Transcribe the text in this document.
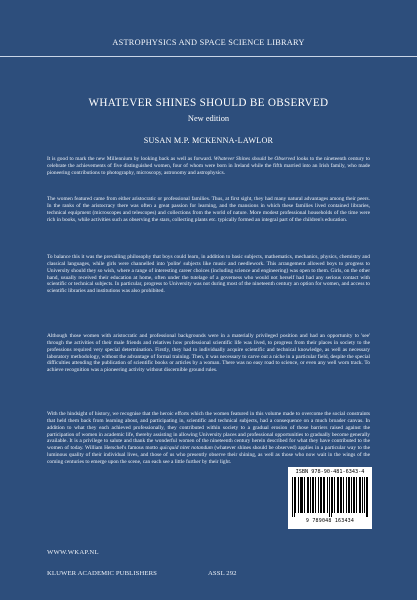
ASTROPHYSICS AND SPACE SCIENCE LIBRARY
WHATEVER SHINES SHOULD BE OBSERVED
New edition
SUSAN M.P. MCKENNA-LAWLOR

It is good to mark the new Millennium by looking back as well as forward. Whatever Shines should be Observed looks to the nineteenth century to celebrate the achievements of five distinguished women, four of whom were born in Ireland while the fifth married into an Irish family, who made pioneering contributions to photography, microscopy, astronomy and astrophysics.

The women featured came from either aristocratic or professional families. Thus, at first sight, they had many natural advantages among their peers. In the ranks of the aristocracy there was often a great passion for learning, and the mansions in which these families lived contained libraries, technical equipment (microscopes and telescopes) and collections from the world of nature. More modest professional households of the time were rich in books, while activities such as observing the stars, collecting plants etc. typically formed an integral part of the children's education.

To balance this it was the prevailing philosophy that boys could learn, in addition to basic subjects, mathematics, mechanics, physics, chemistry and classical languages, while girls were channelled into 'polite' subjects like music and needlework. This arrangement allowed boys to progress to University should they so wish, where a range of interesting career choices (including science and engineering) was open to them. Girls, on the other hand, usually received their education at home, often under the tutelage of a governess who would not herself had had any serious contact with scientific or technical subjects. In particular, progress to University was not during most of the nineteenth century an option for women, and access to scientific libraries and institutions was also prohibited.

Although those women with aristocratic and professional backgrounds were in a materially privileged position and had an opportunity to 'see' through the activities of their male friends and relatives how professional scientific life was lived, to progress from their places in society to the professions required very special determination. Firstly, they had to individually acquire scientific and technical knowledge, as well as necessary laboratory methodology, without the advantage of formal training. Then, it was necessary to carve out a niche in a particular field, despite the special difficulties attending the publication of scientific books or articles by a woman. There was no easy road to science, or even any well worn track. To achieve recognition was a pioneering activity without discernible ground rules.

With the hindsight of history, we recognise that the heroic efforts which the women featured in this volume made to overcome the social constraints that held them back from learning about, and participating in, scientific and technical subjects, had a consequence on a much broader canvas. In addition to what they each achieved professionally, they contributed within society to a gradual erosion of those barriers raised against the participation of women in academic life, thereby assisting in allowing University places and professional opportunities to gradually become generally available. It is a privilege to salute and thank the wonderful women of the nineteenth century herein described for what they have contributed to the women of today. William Herschel's famous motto quicquid nitet notandum (whatever shines should be observed) applies in a particular way to the luminous quality of their individual lives, and those of us who presently observe their shining, as well as those who now wait in the wings of the coming centuries to emerge upon the scene, can each see a little further by their light.

WWW.WKAP.NL
KLUWER ACADEMIC PUBLISHERS	ASSL 292
ISBN 978-90-481-6343-4
9 789048 163434
